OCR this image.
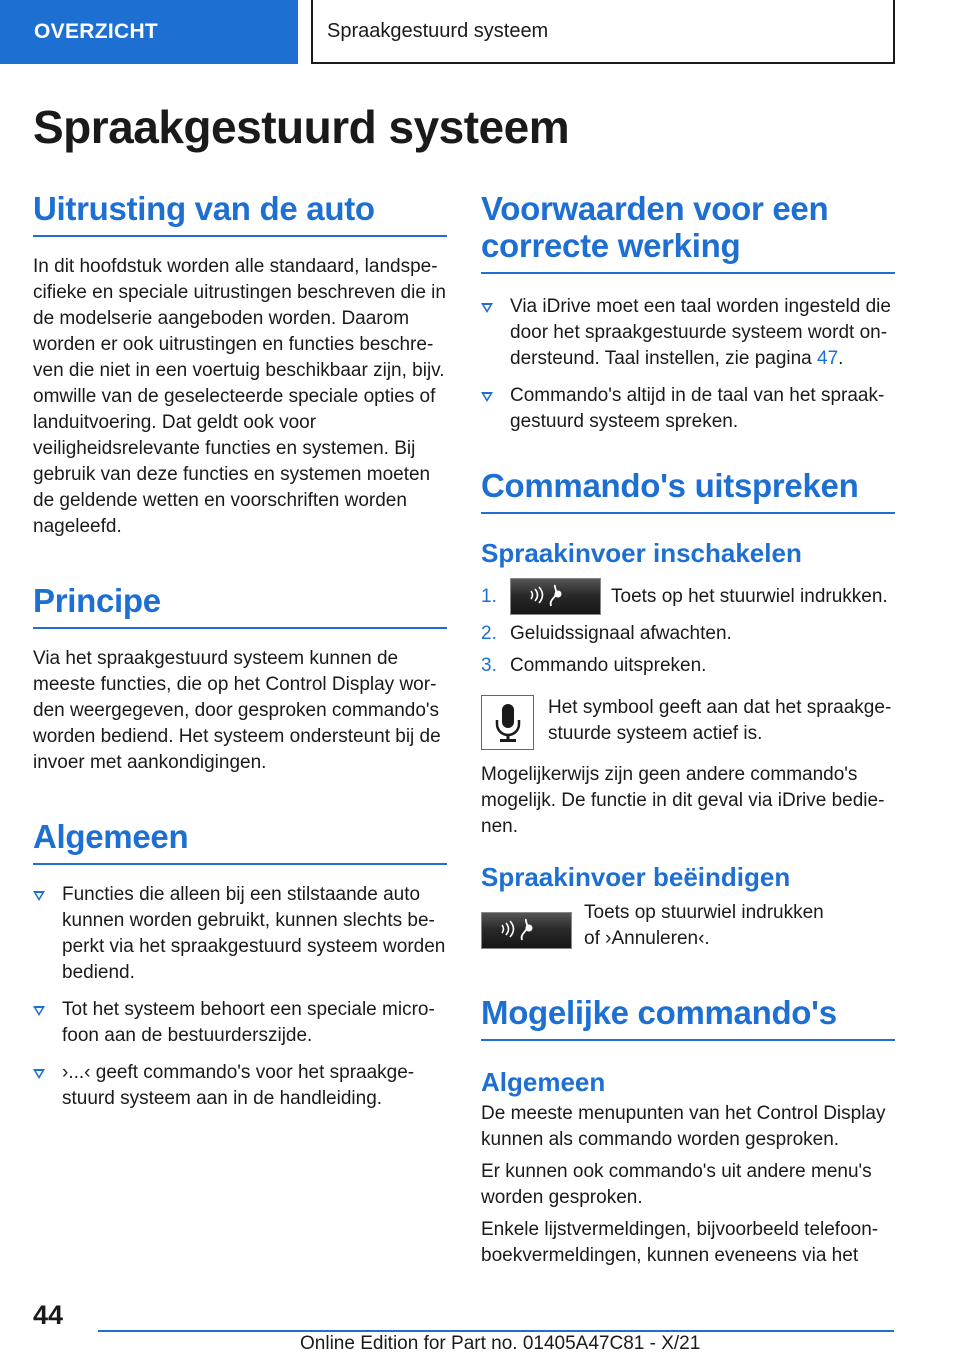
OVERZICHT	Spraakgestuurd systeem
Spraakgestuurd systeem
Uitrusting van de auto

In dit hoofdstuk worden alle standaard, landspecifieke en speciale uitrustingen beschreven die in de modelserie aangeboden worden. Daarom worden er ook uitrustingen en functies beschreven die niet in een voertuig beschikbaar zijn, bijv. omwille van de geselecteerde speciale opties of landuitvoering. Dat geldt ook voor veiligheidsrelevante functies en systemen. Bij gebruik van deze functies en systemen moeten de geldende wetten en voorschriften worden nageleefd.

Principe

Via het spraakgestuurd systeem kunnen de meeste functies, die op het Control Display worden weergegeven, door gesproken commando's worden bediend. Het systeem ondersteunt bij de invoer met aankondigingen.

Algemeen
Functies die alleen bij een stilstaande auto kunnen worden gebruikt, kunnen slechts beperkt via het spraakgestuurd systeem worden bediend.
Tot het systeem behoort een speciale microfoon aan de bestuurderszijde.
›...‹ geeft commando's voor het spraakgestuurd systeem aan in de handleiding.
Voorwaarden voor een correcte werking
Via iDrive moet een taal worden ingesteld die door het spraakgestuurde systeem wordt ondersteund. Taal instellen, zie pagina 47.
Commando's altijd in de taal van het spraakgestuurd systeem spreken.
Commando's uitspreken
Spraakinvoer inschakelen
1.	Toets op het stuurwiel indrukken.
2. Geluidssignaal afwachten.
3. Commando uitspreken.

Het symbool geeft aan dat het spraakgestuurde systeem actief is.

Mogelijkerwijs zijn geen andere commando's mogelijk. De functie in dit geval via iDrive bedienen.

Spraakinvoer beëindigen

Toets op stuurwiel indrukken

of ›Annuleren‹.

Mogelijke commando's
Algemeen

De meeste menupunten van het Control Display kunnen als commando worden gesproken.

Er kunnen ook commando's uit andere menu's worden gesproken.

Enkele lijstvermeldingen, bijvoorbeeld telefoonboekvermeldingen, kunnen eveneens via het

44
Online Edition for Part no. 01405A47C81 - X/21
